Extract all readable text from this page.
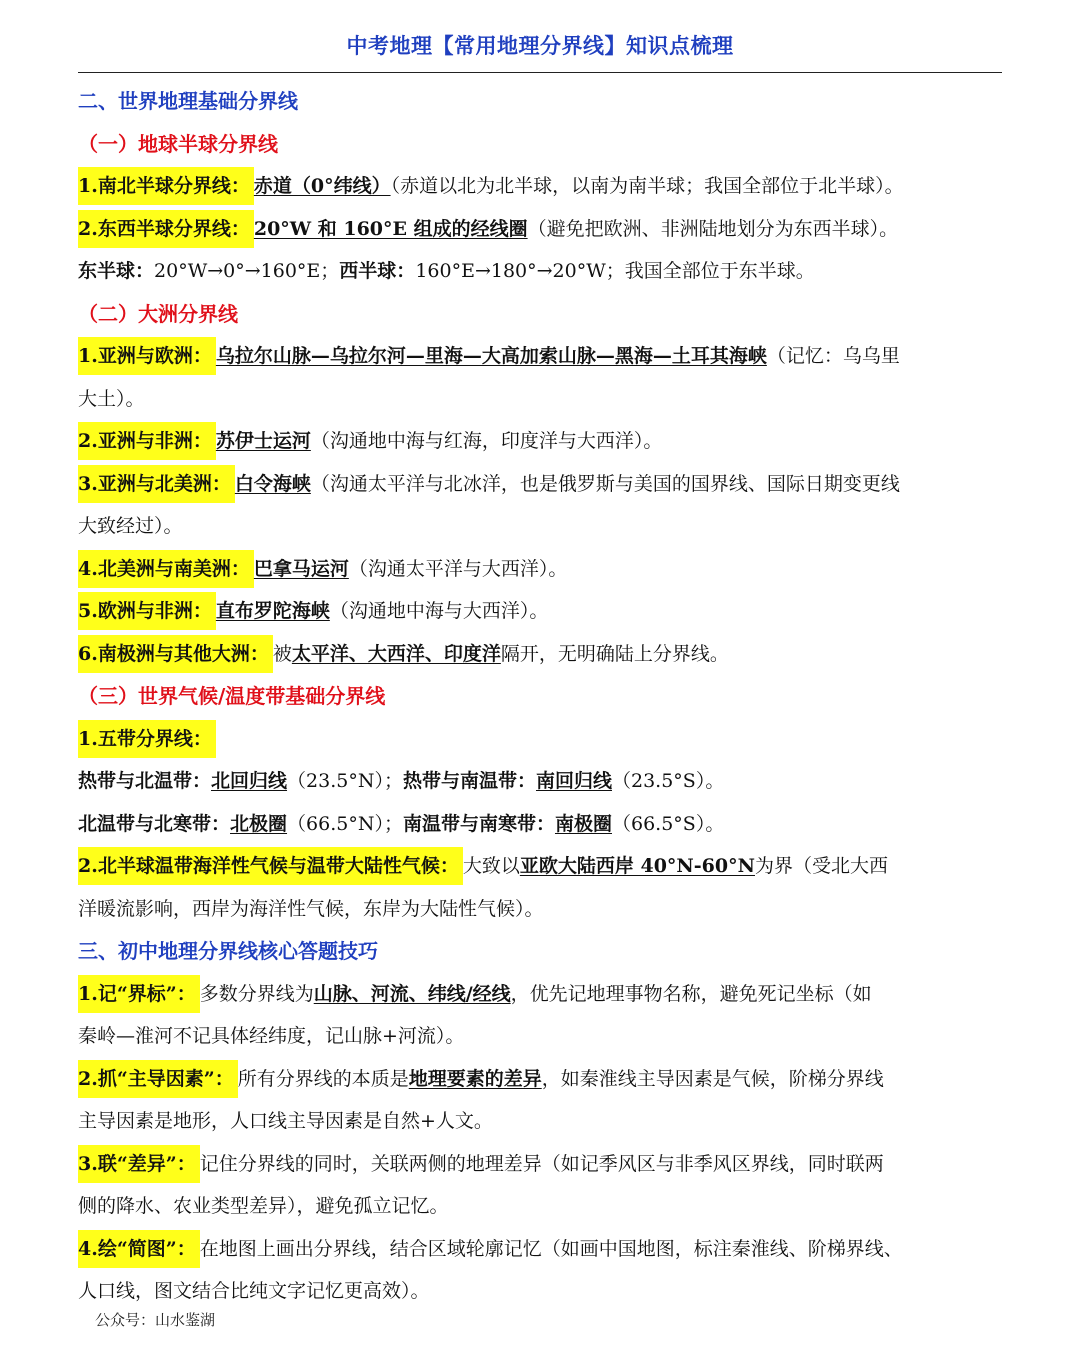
中考地理【常用地理分界线】知识点梳理
二、世界地理基础分界线
（一）地球半球分界线
1.南北半球分界线： 赤道（0°纬线）（赤道以北为北半球，以南为南半球；我国全部位于北半球）。
2.东西半球分界线： 20°W 和 160°E 组成的经线圈（避免把欧洲、非洲陆地划分为东西半球）。
东半球：20°W→0°→160°E；西半球：160°E→180°→20°W；我国全部位于东半球。
（二）大洲分界线
1.亚洲与欧洲： 乌拉尔山脉—乌拉尔河—里海—大高加索山脉—黑海—土耳其海峡（记忆：乌乌里
大土）。
2.亚洲与非洲： 苏伊士运河（沟通地中海与红海，印度洋与大西洋）。
3.亚洲与北美洲： 白令海峡（沟通太平洋与北冰洋，也是俄罗斯与美国的国界线、国际日期变更线
大致经过）。
4.北美洲与南美洲： 巴拿马运河（沟通太平洋与大西洋）。
5.欧洲与非洲： 直布罗陀海峡（沟通地中海与大西洋）。
6.南极洲与其他大洲： 被太平洋、大西洋、印度洋隔开，无明确陆上分界线。
（三）世界气候/温度带基础分界线
1.五带分界线：
热带与北温带：北回归线（23.5°N）；热带与南温带：南回归线（23.5°S）。
北温带与北寒带：北极圈（66.5°N）；南温带与南寒带：南极圈（66.5°S）。
2.北半球温带海洋性气候与温带大陆性气候： 大致以亚欧大陆西岸 40°N-60°N为界（受北大西
洋暖流影响，西岸为海洋性气候，东岸为大陆性气候）。
三、初中地理分界线核心答题技巧
1.记“界标”： 多数分界线为山脉、河流、纬线/经线，优先记地理事物名称，避免死记坐标（如
秦岭—淮河不记具体经纬度，记山脉+河流）。
2.抓“主导因素”： 所有分界线的本质是地理要素的差异，如秦淮线主导因素是气候，阶梯分界线
主导因素是地形，人口线主导因素是自然+人文。
3.联“差异”： 记住分界线的同时，关联两侧的地理差异（如记季风区与非季风区界线，同时联两
侧的降水、农业类型差异），避免孤立记忆。
4.绘“简图”： 在地图上画出分界线，结合区域轮廓记忆（如画中国地图，标注秦淮线、阶梯界线、
人口线，图文结合比纯文字记忆更高效）。
公众号：山水鉴湖
